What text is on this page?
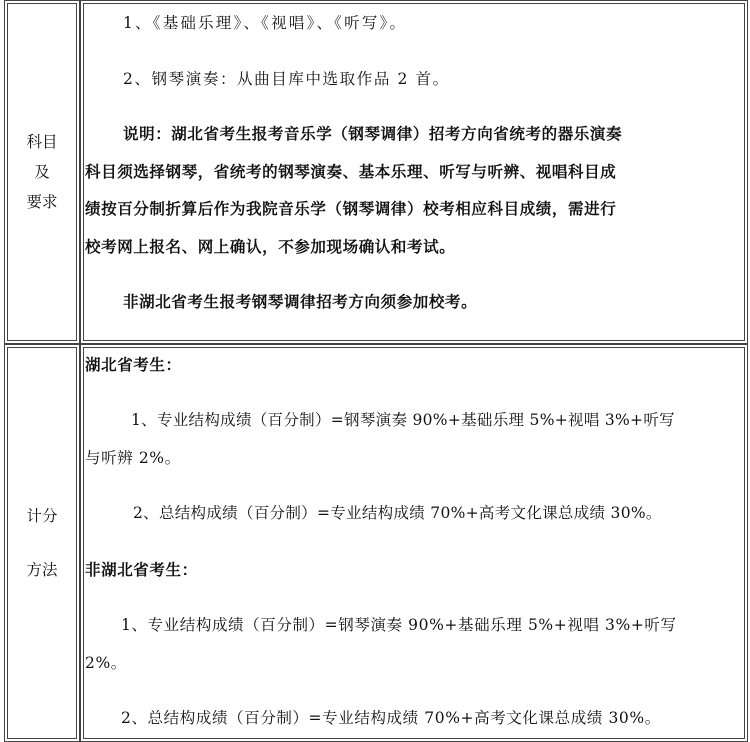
科目及
要求
1、《基础乐理》、《视唱》、《听写》。
2、钢琴演奏：从曲目库中选取作品 2 首。
说明：湖北省考生报考音乐学（钢琴调律）招考方向省统考的器乐演奏
科目须选择钢琴，省统考的钢琴演奏、基本乐理、听写与听辨、视唱科目成
绩按百分制折算后作为我院音乐学（钢琴调律）校考相应科目成绩，需进行
校考网上报名、网上确认，不参加现场确认和考试。
非湖北省考生报考钢琴调律招考方向须参加校考。
计分
方法
湖北省考生：
1、专业结构成绩（百分制）=钢琴演奏 90%+基础乐理 5%+视唱 3%+听写
与听辨 2%。
2、总结构成绩（百分制）=专业结构成绩 70%+高考文化课总成绩 30%。
非湖北省考生：
1、专业结构成绩（百分制）=钢琴演奏 90%+基础乐理 5%+视唱 3%+听写
2%。
2、总结构成绩（百分制）=专业结构成绩 70%+高考文化课总成绩 30%。
